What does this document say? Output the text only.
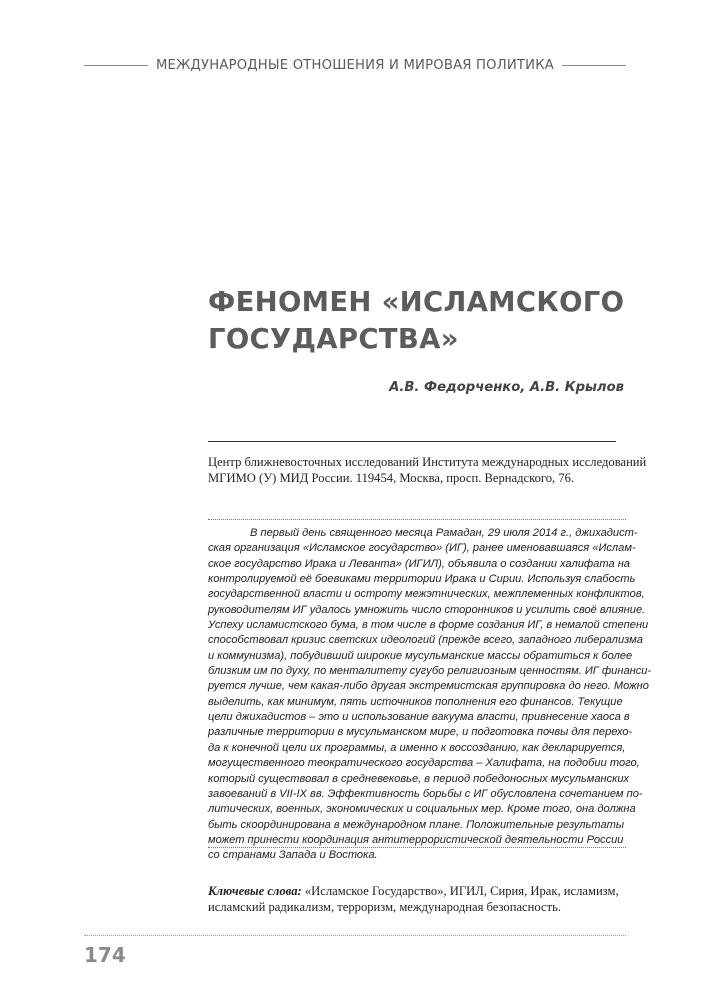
МЕЖДУНАРОДНЫЕ ОТНОШЕНИЯ И МИРОВАЯ ПОЛИТИКА
ФЕНОМЕН «ИСЛАМСКОГО
ГОСУДАРСТВА»
А.В. Федорченко, А.В. Крылов
Центр ближневосточных исследований Института международных исследований
МГИМО (У) МИД России. 119454, Москва, просп. Вернадского, 76.
В первый день священного месяца Рамадан, 29 июля 2014 г., джихадист-
ская организация «Исламское государство» (ИГ), ранее именовавшаяся «Ислам-
ское государство Ирака и Леванта» (ИГИЛ), объявила о создании халифата на
контролируемой её боевиками территории Ирака и Сирии. Используя слабость
государственной власти и остроту межэтнических, межплеменных конфликтов,
руководителям ИГ удалось умножить число сторонников и усилить своё влияние.
Успеху исламистского бума, в том числе в форме создания ИГ, в немалой степени
способствовал кризис светских идеологий (прежде всего, западного либерализма
и коммунизма), побудивший широкие мусульманские массы обратиться к более
близким им по духу, по менталитету сугубо религиозным ценностям. ИГ финанси-
руется лучше, чем какая-либо другая экстремистская группировка до него. Можно
выделить, как минимум, пять источников пополнения его финансов. Текущие
цели джихадистов – это и использование вакуума власти, привнесение хаоса в
различные территории в мусульманском мире, и подготовка почвы для перехо-
да к конечной цели их программы, а именно к воссозданию, как декларируется,
могущественного теократического государства – Халифата, на подобии того,
который существовал в средневековье, в период победоносных мусульманских
завоеваний в VII-IX вв. Эффективность борьбы с ИГ обусловлена сочетанием по-
литических, военных, экономических и социальных мер. Кроме того, она должна
быть скоординирована в международном плане. Положительные результаты
может принести координация антитеррористической деятельности России
со странами Запада и Востока.
Ключевые слова: «Исламское Государство», ИГИЛ, Сирия, Ирак, исламизм,
исламский радикализм, терроризм, международная безопасность.
174
